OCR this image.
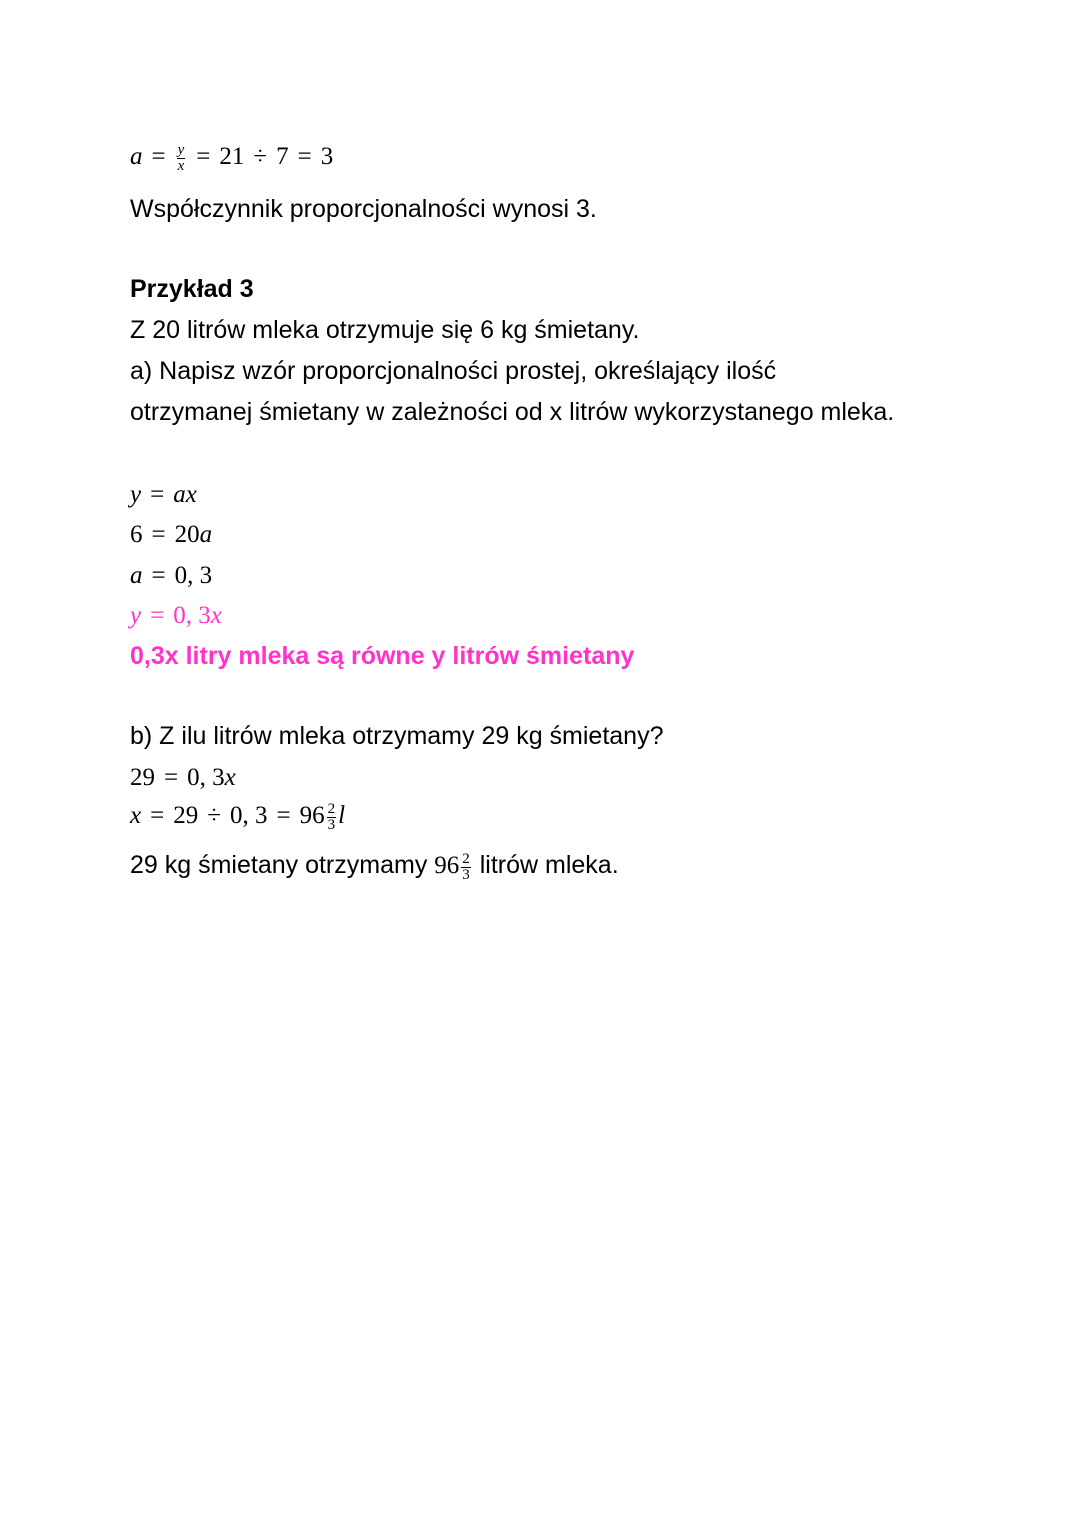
$a = \frac{y}{x} = 21 \div 7 = 3$
Współczynnik proporcjonalności wynosi 3.
Przykład 3
Z 20 litrów mleka otrzymuje się 6 kg śmietany.
a) Napisz wzór proporcjonalności prostej, określający ilość
otrzymanej śmietany w zależności od x litrów wykorzystanego mleka.
y = ax
6 = 20a
a = 0, 3
y = 0, 3x
0,3x litry mleka są równe y litrów śmietany
b) Z ilu litrów mleka otrzymamy 29 kg śmietany?
29 = 0, 3x
x = 29 ÷ 0, $3 = 96 \frac{2}{3}$ l
29 kg śmietany otrzymamy $96 \frac{2}{3}$ litrów mleka.
